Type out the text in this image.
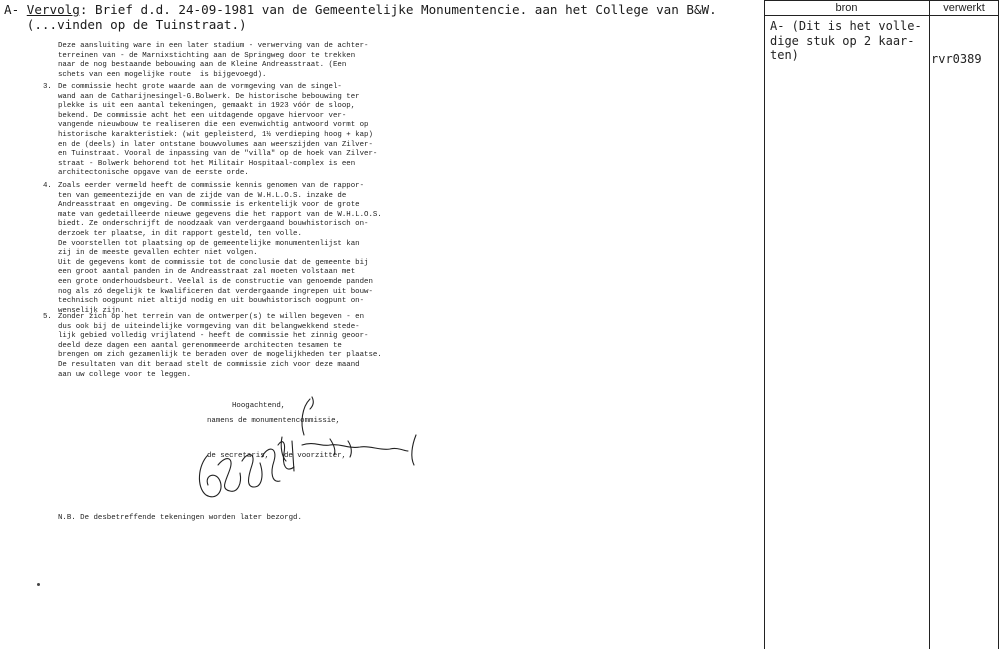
A- Vervolg: Brief d.d. 24-09-1981 van de Gemeentelijke Monumentencie. aan het College van B&W.
(...vinden op de Tuinstraat.)
Deze aansluiting ware in een later stadium - verwerving van de achter-
terreinen van - de Marnixstichting aan de Springweg door te trekken
naar de nog bestaande bebouwing aan de Kleine Andreasstraat. (Een
schets van een mogelijke route  is bijgevoegd).
3. De commissie hecht grote waarde aan de vormgeving van de singel-
wand aan de Catharijnesingel-G.Bolwerk. De historische bebouwing ter
plekke is uit een aantal tekeningen, gemaakt in 1923 vóór de sloop,
bekend. De commissie acht het een uitdagende opgave hiervoor ver-
vangende nieuwbouw te realiseren die een evenwichtig antwoord vormt op
historische karakteristiek: (wit gepleisterd, 1½ verdieping hoog + kap)
en de (deels) in later ontstane bouwvolumes aan weerszijden van Zilver-
en Tuinstraat. Vooral de inpassing van de "villa" op de hoek van Zilver-
straat - Bolwerk behorend tot het Militair Hospitaal-complex is een
architectonische opgave van de eerste orde.
4. Zoals eerder vermeld heeft de commissie kennis genomen van de rappor-
ten van gemeentezijde en van de zijde van de W.H.L.O.S. inzake de
Andreasstraat en omgeving. De commissie is erkentelijk voor de grote
mate van gedetailleerde nieuwe gegevens die het rapport van de W.H.L.O.S.
biedt. Ze onderschrijft de noodzaak van verdergaand bouwhistorisch on-
derzoek ter plaatse, in dit rapport gesteld, ten volle.
De voorstellen tot plaatsing op de gemeentelijke monumentenlijst kan
zij in de meeste gevallen echter niet volgen.
Uit de gegevens komt de commissie tot de conclusie dat de gemeente bij
een groot aantal panden in de Andreasstraat zal moeten volstaan met
een grote onderhoudsbeurt. Veelal is de constructie van genoemde panden
nog als zó degelijk te kwalificeren dat verdergaande ingrepen uit bouw-
technisch oogpunt niet altijd nodig en uit bouwhistorisch oogpunt on-
wenselijk zijn.
5. Zonder zich op het terrein van de ontwerper(s) te willen begeven - en
dus ook bij de uiteindelijke vormgeving van dit belangwekkend stede-
lijk gebied volledig vrijlatend - heeft de commissie het zinnig geoor-
deeld deze dagen een aantal gerenommeerde architecten tesamen te
brengen om zich gezamenlijk te beraden over de mogelijkheden ter plaatse.
De resultaten van dit beraad stelt de commissie zich voor deze maand
aan uw college voor te leggen.
Hoogachtend,
namens de monumentencommissie,
de secretaris, de voorzitter,
N.B. De desbetreffende tekeningen worden later bezorgd.
bron	verwerkt
A- (Dit is het volle-
dige stuk op 2 kaar-
ten)	rvr0389
